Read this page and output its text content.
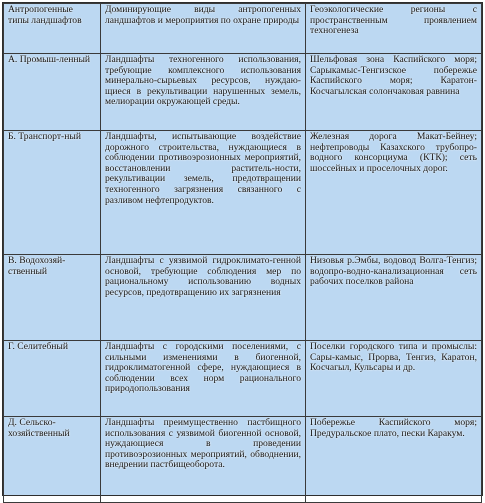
Антропогенные типы ландшафтов	Доминирующие виды антропогенных ландшафтов и мероприятия по охране природы	Геоэкологические регионы с пространственным проявлением техногенеза
А. Промыш-ленный	Ландшафты техногенного использования, требующие комплексного использования минерально-сырьевых ресурсов, нуждаю-щиеся в рекультивации нарушенных земель, мелиорации окружающей среды.	Шельфовая зона Каспийского моря; Сарыкамыс-Тенгизское побережье Каспийского моря; Каратон-Косчагылская солончаковая равнина
Б. Транспорт-ный	Ландшафты, испытывающие воздействие дорожного строительства, нуждающиеся в соблюдении противоэрозионных мероприятий, восстановлении раститель-ности, рекультивации земель, предотвращении техногенного загрязнения связанного с разливом нефтепродуктов.	Железная дорога Макат-Бейнеу; нефтепроводы Казахского трубопро-водного консорциума (КТК); сеть шоссейных и проселочных дорог.
В. Водохозяй-ственный	Ландшафты с уязвимой гидроклимато-генной основой, требующие соблюдения мер по рациональному использованию водных ресурсов, предотвращению их загрязнения	Низовья р.Эмбы, водовод Волга-Тенгиз; водопро-водно-канализационная сеть рабочих поселков района
Г. Селитебный	Ландшафты с городскими поселениями, с сильными изменениями в биогенной, гидроклиматогенной сфере, нуждающиеся в соблюдении всех норм рационального природопользования	Поселки городского типа и промыслы: Сары-камыс, Прорва, Тенгиз, Каратон, Косчагыл, Кульсары и др.
Д. Сельско-хозяйственный	Ландшафты преимущественно пастбищного использования с уязвимой биогенной основой, нуждающиеся в проведении противоэрозионных мероприятий, обводнении, внедрении пастбищеоборота.	Побережье Каспийского моря; Предуральское плато, пески Каракум.
